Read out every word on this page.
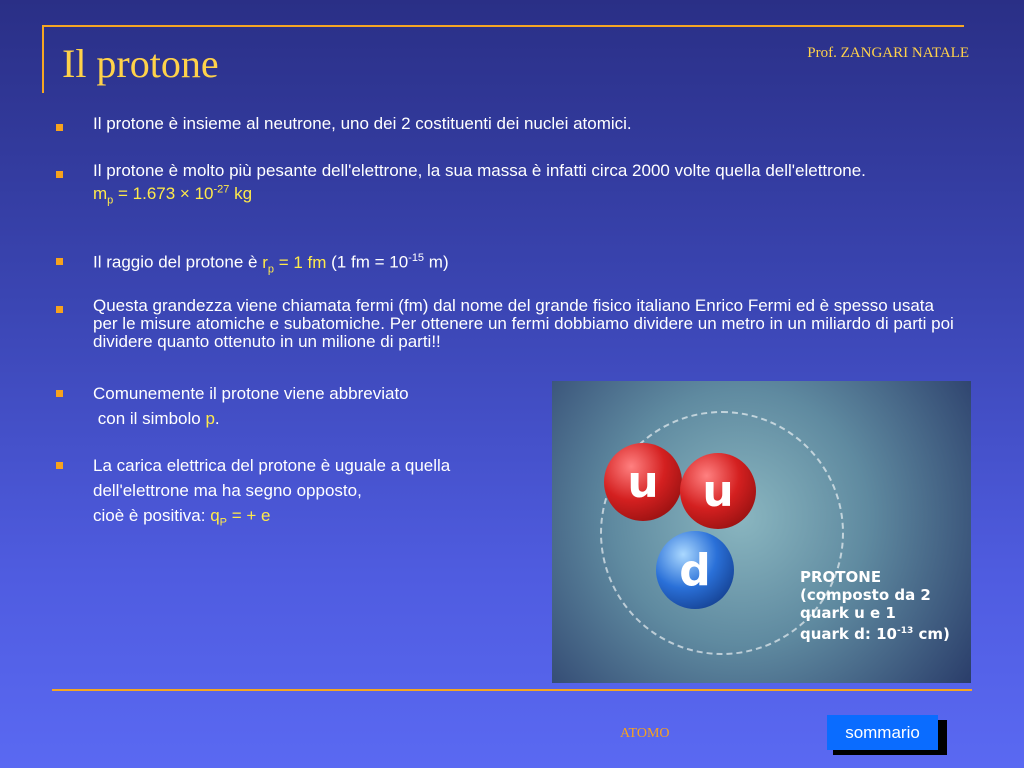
Il protone	Prof. ZANGARI NATALE
Il protone è insieme al neutrone, uno dei 2 costituenti dei nuclei atomici.
Il protone è molto più pesante dell'elettrone, la sua massa è infatti circa 2000 volte quella dell'elettrone.
$m_p = 1.673 \times 10^{-27}$ kg
Il raggio del protone è $r_p = 1$ fm (1 fm = $10^{-15}$ m)
Questa grandezza viene chiamata fermi (fm) dal nome del grande fisico italiano Enrico Fermi ed è spesso usata per le misure atomiche e subatomiche. Per ottenere un fermi dobbiamo dividere un metro in un miliardo di parti poi dividere quanto ottenuto in un milione di parti!!
Comunemente il protone viene abbreviato
con il simbolo p.
La carica elettrica del protone è uguale a quella
dell'elettrone ma ha segno opposto,
cioè è positiva: $q_P$ = + e
u u
d	PROTONE
(composto da 2
quark u e 1
quark d: $10^{-13}$ cm)
ATOMO	sommario
